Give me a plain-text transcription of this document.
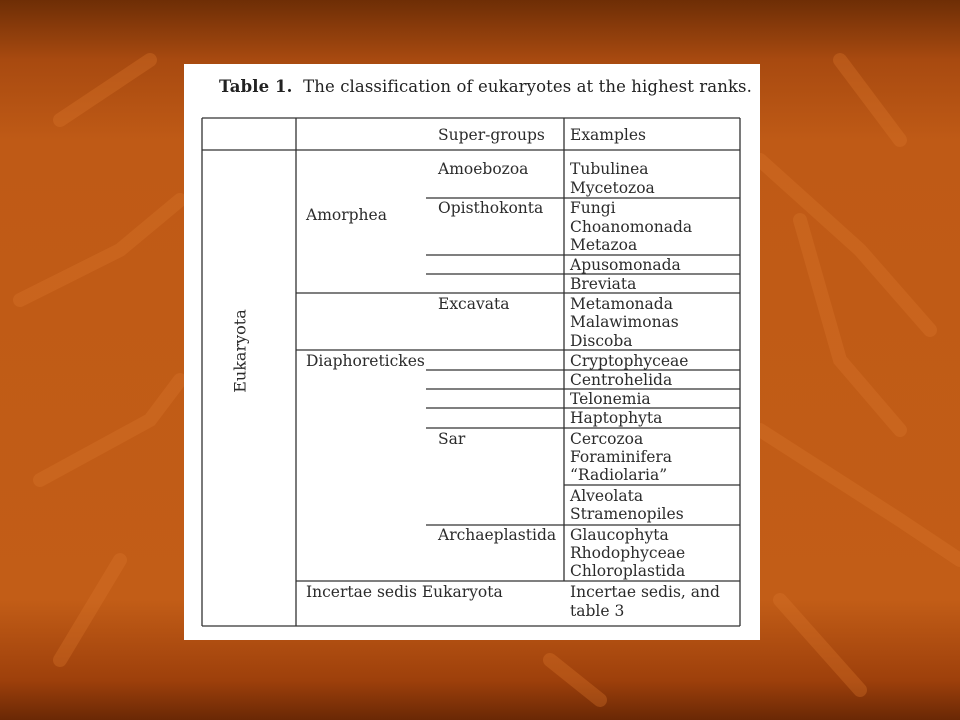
Table 1. The classification of eukaryotes at the highest ranks.
Super-groups Examples
Eukaryota
Amorphea
Diaphoretickes
Incertae sedis Eukaryota
Amoebozoa
Opisthokonta
Excavata
Sar
Archaeplastida
Tubulinea
Mycetozoa
Fungi
Choanomonada
Metazoa
Apusomonada
Breviata
Metamonada
Malawimonas
Discoba
Cryptophyceae
Centrohelida
Telonemia
Haptophyta
Cercozoa
Foraminifera
“Radiolaria”
Alveolata
Stramenopiles
Glaucophyta
Rhodophyceae
Chloroplastida
Incertae sedis, and
table 3
